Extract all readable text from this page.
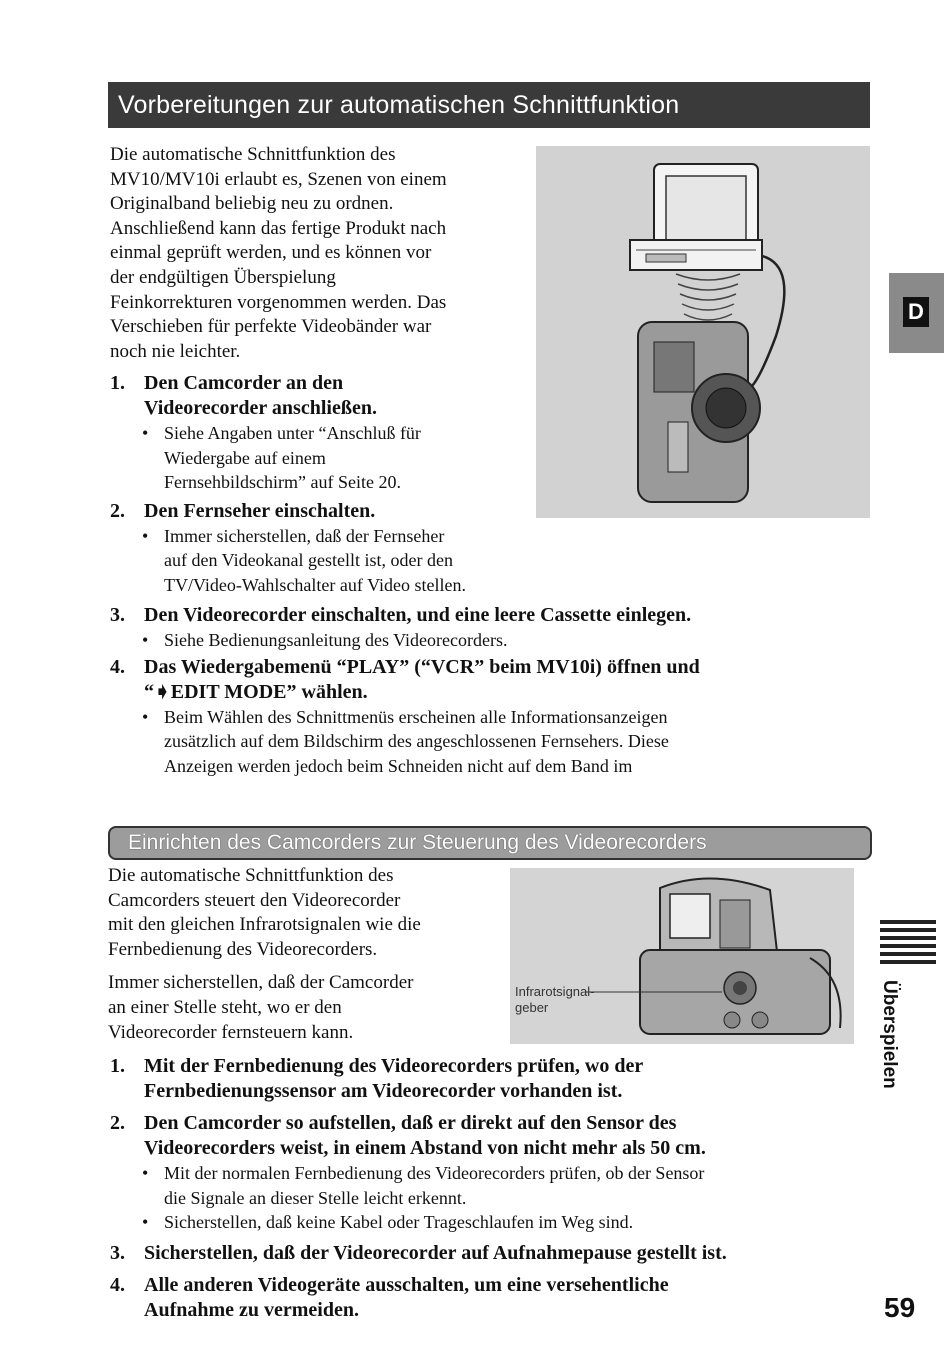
Vorbereitungen zur automatischen Schnittfunktion

Die automatische Schnittfunktion des

MV10/MV10i erlaubt es, Szenen von einem

Originalband beliebig neu zu ordnen.

Anschließend kann das fertige Produkt nach

einmal geprüft werden, und es können vor

der endgültigen Überspielung

Feinkorrekturen vorgenommen werden. Das

Verschieben für perfekte Videobänder war

noch nie leichter.

1. Den Camcorder an den
Videorecorder anschließen.
• Siehe Angaben unter “Anschluß für
Wiedergabe auf einem
Fernsehbildschirm” auf Seite 20.
2. Den Fernseher einschalten.
• Immer sicherstellen, daß der Fernseher
auf den Videokanal gestellt ist, oder den
TV/Video-Wahlschalter auf Video stellen.
3. Den Videorecorder einschalten, und eine leere Cassette einlegen.
• Siehe Bedienungsanleitung des Videorecorders.
4. Das Wiedergabemenü “PLAY” (“VCR” beim MV10i) öffnen und
“➧EDIT MODE” wählen.
• Beim Wählen des Schnittmenüs erscheinen alle Informationsanzeigen
zusätzlich auf dem Bildschirm des angeschlossenen Fernsehers. Diese
Anzeigen werden jedoch beim Schneiden nicht auf dem Band im
Einrichten des Camcorders zur Steuerung des Videorecorders

Die automatische Schnittfunktion des

Camcorders steuert den Videorecorder

mit den gleichen Infrarotsignalen wie die

Fernbedienung des Videorecorders.

Immer sicherstellen, daß der Camcorder

an einer Stelle steht, wo er den

Videorecorder fernsteuern kann.

Infrarotsignal-
geber
1. Mit der Fernbedienung des Videorecorders prüfen, wo der
Fernbedienungssensor am Videorecorder vorhanden ist.
2. Den Camcorder so aufstellen, daß er direkt auf den Sensor des
Videorecorders weist, in einem Abstand von nicht mehr als 50 cm.
• Mit der normalen Fernbedienung des Videorecorders prüfen, ob der Sensor
die Signale an dieser Stelle leicht erkennt.
• Sicherstellen, daß keine Kabel oder Trageschlaufen im Weg sind.
3. Sicherstellen, daß der Videorecorder auf Aufnahmepause gestellt ist.
4. Alle anderen Videogeräte ausschalten, um eine versehentliche
Aufnahme zu vermeiden.
D
Überspielen
59
